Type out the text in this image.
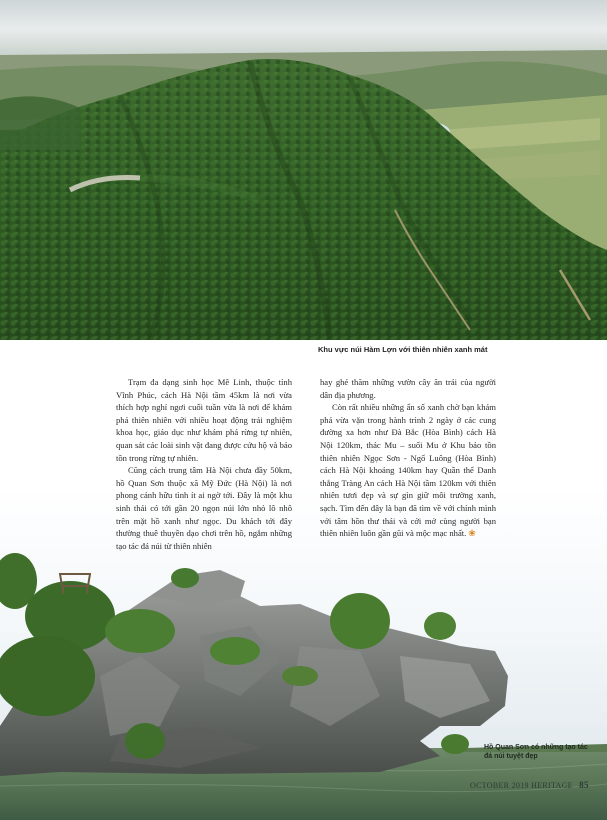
Khu vực núi Hàm Lợn với thiên nhiên xanh mát

Trạm đa dạng sinh học Mê Linh, thuộc tỉnh Vĩnh Phúc, cách Hà Nội tầm 45km là nơi vừa thích hợp nghỉ ngơi cuối tuần vừa là nơi để khám phá thiên nhiên với nhiều hoạt động trải nghiệm khoa học, giáo dục như khám phá rừng tự nhiên, quan sát các loài sinh vật đang được cứu hộ và bảo tồn trong rừng tự nhiên.

Cũng cách trung tâm Hà Nội chưa đầy 50km, hồ Quan Sơn thuộc xã Mỹ Đức (Hà Nội) là nơi phong cảnh hữu tình ít ai ngờ tới. Đây là một khu sinh thái có tới gần 20 ngọn núi lớn nhỏ lô nhô trên mặt hồ xanh như ngọc. Du khách tới đây thường thuê thuyền dạo chơi trên hồ, ngắm những tạo tác đá núi từ thiên nhiên

hay ghé thăm những vườn cây ăn trái của người dân địa phương.

Còn rất nhiều những ẩn số xanh chờ bạn khám phá vừa vặn trong hành trình 2 ngày ở các cung đường xa hơn như Đà Bắc (Hòa Bình) cách Hà Nội 120km, thác Mu – suối Mu ở Khu bảo tồn thiên nhiên Ngọc Sơn - Ngổ Luông (Hòa Bình) cách Hà Nội khoảng 140km hay Quần thể Danh thắng Tràng An cách Hà Nội tầm 120km với thiên nhiên tươi đẹp và sự gìn giữ môi trường xanh, sạch. Tìm đến đây là bạn đã tìm về với chính mình với tâm hồn thư thái và cởi mở cùng người bạn thiên nhiên luôn gần gũi và mộc mạc nhất. ❀

Hồ Quan Sơn có những tạo tác đá núi tuyệt đẹp
OCTOBER 2019 HERITAGE 85
